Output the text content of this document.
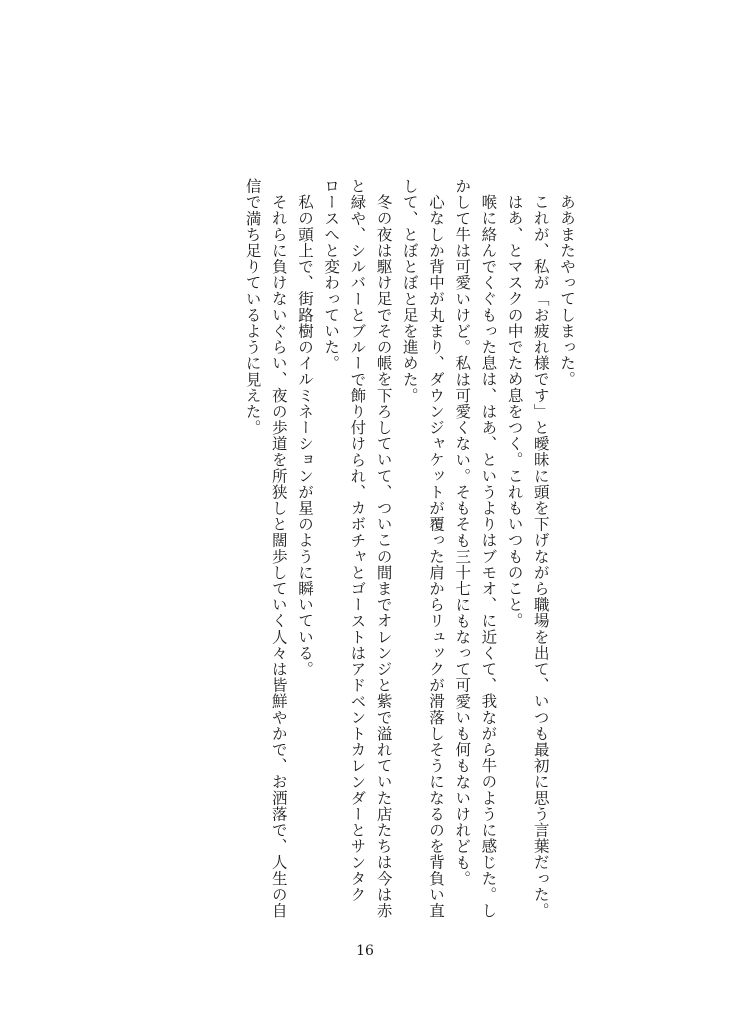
ああまたやってしまった。

これが、私が「お疲れ様です」と曖昧に頭を下げながら職場を出て、いつも最初に思う言葉だった。

はあ、とマスクの中でため息をつく。これもいつものこと。

喉に絡んでくぐもった息は、はあ、というよりはブモオ、に近くて、我ながら牛のように感じた。しかして牛は可愛いけど。私は可愛くない。そもそも三十七にもなって可愛いも何もないけれども。

心なしか背中が丸まり、ダウンジャケットが覆った肩からリュックが滑落しそうになるのを背負い直して、とぼとぼと足を進めた。

冬の夜は駆け足でその帳を下ろしていて、ついこの間までオレンジと紫で溢れていた店たちは今は赤と緑や、シルバーとブルーで飾り付けられ、カボチャとゴーストはアドベントカレンダーとサンタクロースへと変わっていた。

私の頭上で、街路樹のイルミネーションが星のように瞬いている。

それらに負けないぐらい、夜の歩道を所狭しと闊歩していく人々は皆鮮やかで、お洒落で、人生の自信で満ち足りているように見えた。

16
